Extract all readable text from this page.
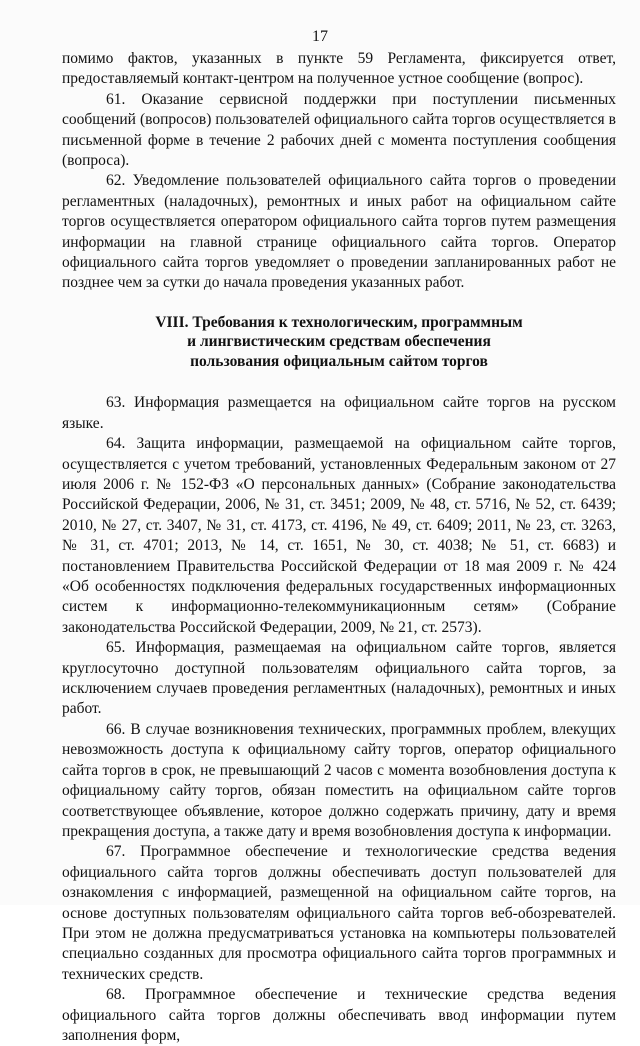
17

помимо фактов, указанных в пункте 59 Регламента, фиксируется ответ, предоставляемый контакт-центром на полученное устное сообщение (вопрос).

61. Оказание сервисной поддержки при поступлении письменных сообщений (вопросов) пользователей официального сайта торгов осуществляется в письменной форме в течение 2 рабочих дней с момента поступления сообщения (вопроса).

62. Уведомление пользователей официального сайта торгов о проведении регламентных (наладочных), ремонтных и иных работ на официальном сайте торгов осуществляется оператором официального сайта торгов путем размещения информации на главной странице официального сайта торгов. Оператор официального сайта торгов уведомляет о проведении запланированных работ не позднее чем за сутки до начала проведения указанных работ.

VIII. Требования к технологическим, программным
и лингвистическим средствам обеспечения
пользования официальным сайтом торгов

63. Информация размещается на официальном сайте торгов на русском языке.

64. Защита информации, размещаемой на официальном сайте торгов, осуществляется с учетом требований, установленных Федеральным законом от 27 июля 2006 г. № 152-ФЗ «О персональных данных» (Собрание законодательства Российской Федерации, 2006, № 31, ст. 3451; 2009, № 48, ст. 5716, № 52, ст. 6439; 2010, № 27, ст. 3407, № 31, ст. 4173, ст. 4196, № 49, ст. 6409; 2011, № 23, ст. 3263, № 31, ст. 4701; 2013, № 14, ст. 1651, № 30, ст. 4038; № 51, ст. 6683) и постановлением Правительства Российской Федерации от 18 мая 2009 г. № 424 «Об особенностях подключения федеральных государственных информационных систем к информационно-телекоммуникационным сетям» (Собрание законодательства Российской Федерации, 2009, № 21, ст. 2573).

65. Информация, размещаемая на официальном сайте торгов, является круглосуточно доступной пользователям официального сайта торгов, за исключением случаев проведения регламентных (наладочных), ремонтных и иных работ.

66. В случае возникновения технических, программных проблем, влекущих невозможность доступа к официальному сайту торгов, оператор официального сайта торгов в срок, не превышающий 2 часов с момента возобновления доступа к официальному сайту торгов, обязан поместить на официальном сайте торгов соответствующее объявление, которое должно содержать причину, дату и время прекращения доступа, а также дату и время возобновления доступа к информации.

67. Программное обеспечение и технологические средства ведения официального сайта торгов должны обеспечивать доступ пользователей для ознакомления с информацией, размещенной на официальном сайте торгов, на основе доступных пользователям официального сайта торгов веб-обозревателей. При этом не должна предусматриваться установка на компьютеры пользователей специально созданных для просмотра официального сайта торгов программных и технических средств.

68. Программное обеспечение и технические средства ведения официального сайта торгов должны обеспечивать ввод информации путем заполнения форм,
